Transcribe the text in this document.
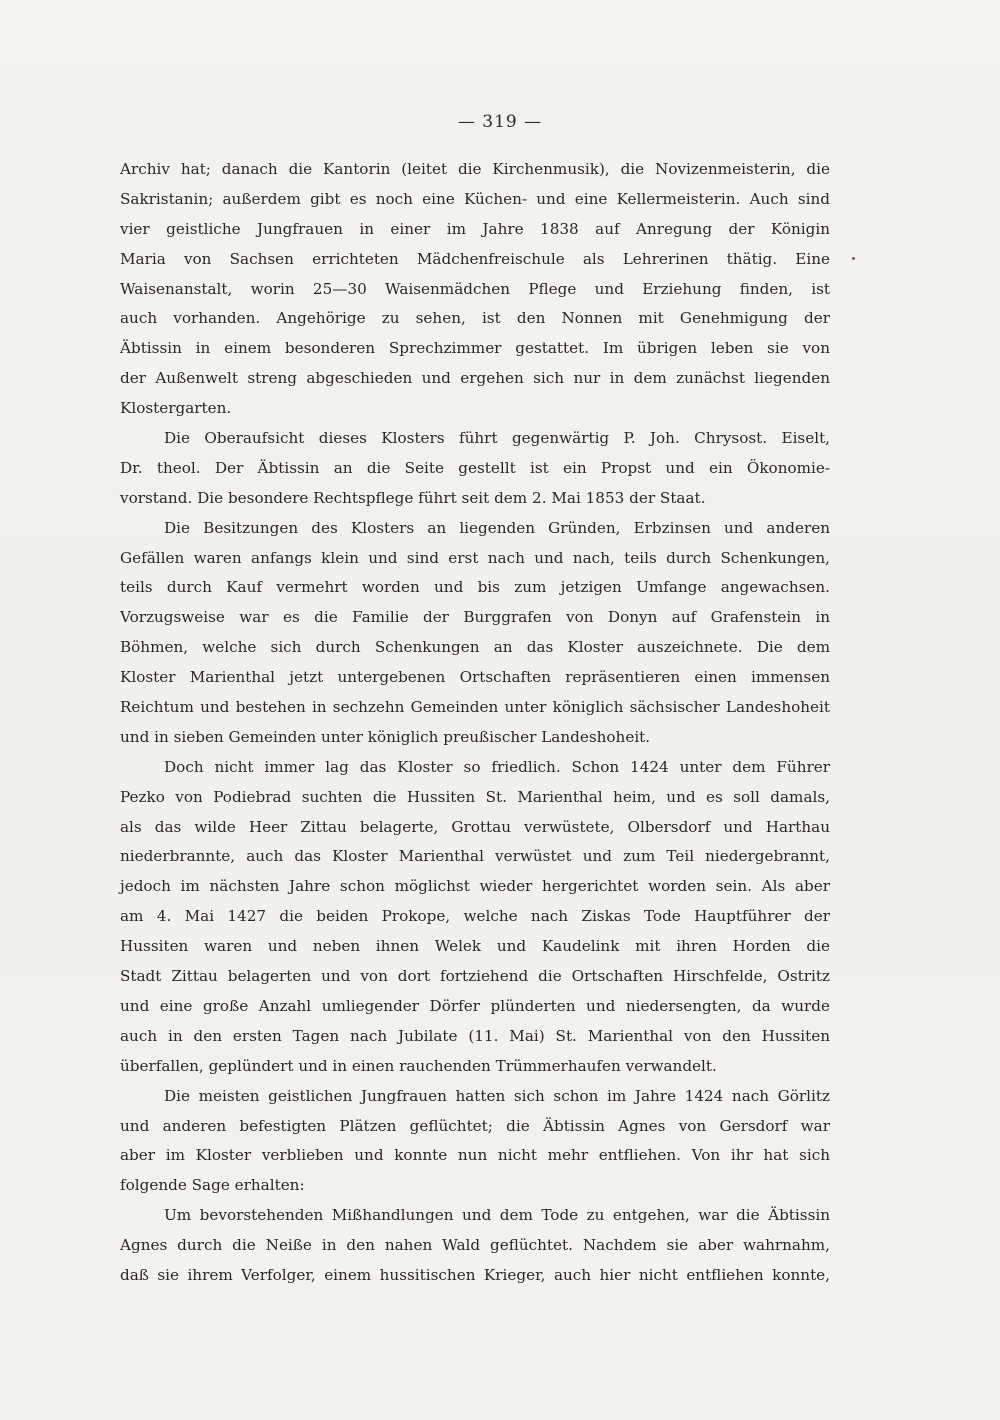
— 319 —
Archiv hat; danach die Kantorin (leitet die Kirchenmusik), die Novizenmeisterin, die
Sakristanin; außerdem gibt es noch eine Küchen- und eine Kellermeisterin. Auch sind
vier geistliche Jungfrauen in einer im Jahre 1838 auf Anregung der Königin
Maria von Sachsen errichteten Mädchenfreischule als Lehrerinen thätig. Eine
Waisenanstalt, worin 25—30 Waisenmädchen Pflege und Erziehung finden, ist
auch vorhanden. Angehörige zu sehen, ist den Nonnen mit Genehmigung der
Äbtissin in einem besonderen Sprechzimmer gestattet. Im übrigen leben sie von
der Außenwelt streng abgeschieden und ergehen sich nur in dem zunächst liegenden
Klostergarten.
Die Oberaufsicht dieses Klosters führt gegenwärtig P. Joh. Chrysost. Eiselt,
Dr. theol. Der Äbtissin an die Seite gestellt ist ein Propst und ein Ökonomie-
vorstand. Die besondere Rechtspflege führt seit dem 2. Mai 1853 der Staat.
Die Besitzungen des Klosters an liegenden Gründen, Erbzinsen und anderen
Gefällen waren anfangs klein und sind erst nach und nach, teils durch Schenkungen,
teils durch Kauf vermehrt worden und bis zum jetzigen Umfange angewachsen.
Vorzugsweise war es die Familie der Burggrafen von Donyn auf Grafenstein in
Böhmen, welche sich durch Schenkungen an das Kloster auszeichnete. Die dem
Kloster Marienthal jetzt untergebenen Ortschaften repräsentieren einen immensen
Reichtum und bestehen in sechzehn Gemeinden unter königlich sächsischer Landeshoheit
und in sieben Gemeinden unter königlich preußischer Landeshoheit.
Doch nicht immer lag das Kloster so friedlich. Schon 1424 unter dem Führer
Pezko von Podiebrad suchten die Hussiten St. Marienthal heim, und es soll damals,
als das wilde Heer Zittau belagerte, Grottau verwüstete, Olbersdorf und Harthau
niederbrannte, auch das Kloster Marienthal verwüstet und zum Teil niedergebrannt,
jedoch im nächsten Jahre schon möglichst wieder hergerichtet worden sein. Als aber
am 4. Mai 1427 die beiden Prokope, welche nach Ziskas Tode Hauptführer der
Hussiten waren und neben ihnen Welek und Kaudelink mit ihren Horden die
Stadt Zittau belagerten und von dort fortziehend die Ortschaften Hirschfelde, Ostritz
und eine große Anzahl umliegender Dörfer plünderten und niedersengten, da wurde
auch in den ersten Tagen nach Jubilate (11. Mai) St. Marienthal von den Hussiten
überfallen, geplündert und in einen rauchenden Trümmerhaufen verwandelt.
Die meisten geistlichen Jungfrauen hatten sich schon im Jahre 1424 nach Görlitz
und anderen befestigten Plätzen geflüchtet; die Äbtissin Agnes von Gersdorf war
aber im Kloster verblieben und konnte nun nicht mehr entfliehen. Von ihr hat sich
folgende Sage erhalten:
Um bevorstehenden Mißhandlungen und dem Tode zu entgehen, war die Äbtissin
Agnes durch die Neiße in den nahen Wald geflüchtet. Nachdem sie aber wahrnahm,
daß sie ihrem Verfolger, einem hussitischen Krieger, auch hier nicht entfliehen konnte,
